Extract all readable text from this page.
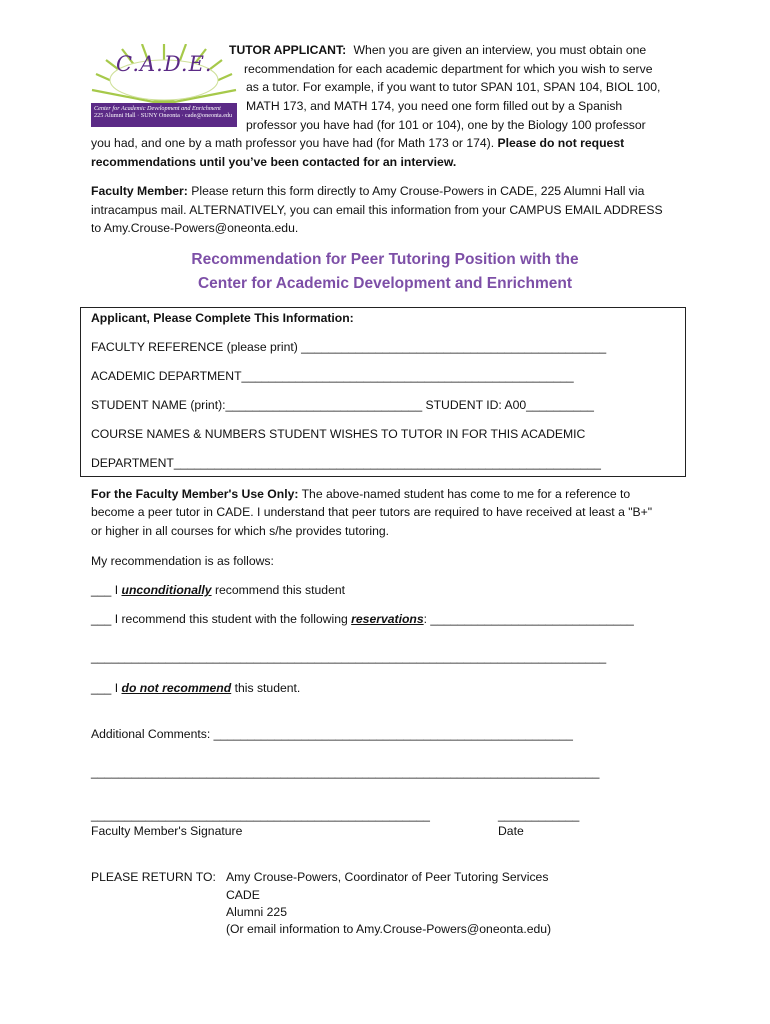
C.A.D.E.
Center for Academic Development and Enrichment
225 Alumni Hall · SUNY Oneonta · cade@oneonta.edu
TUTOR APPLICANT: When you are given an interview, you must obtain one
recommendation for each academic department for which you wish to serve
as a tutor. For example, if you want to tutor SPAN 101, SPAN 104, BIOL 100,
MATH 173, and MATH 174, you need one form filled out by a Spanish
professor you have had (for 101 or 104), one by the Biology 100 professor
you had, and one by a math professor you have had (for Math 173 or 174). Please do not request
recommendations until you’ve been contacted for an interview.
Faculty Member: Please return this form directly to Amy Crouse-Powers in CADE, 225 Alumni Hall via
intracampus mail. ALTERNATIVELY, you can email this information from your CAMPUS EMAIL ADDRESS
to Amy.Crouse-Powers@oneonta.edu.
Recommendation for Peer Tutoring Position with the
Center for Academic Development and Enrichment
Applicant, Please Complete This Information:
FACULTY REFERENCE (please print) _____________________________________________
ACADEMIC DEPARTMENT_________________________________________________
STUDENT NAME (print):_____________________________ STUDENT ID: A00__________
COURSE NAMES & NUMBERS STUDENT WISHES TO TUTOR IN FOR THIS ACADEMIC
DEPARTMENT_______________________________________________________________
For the Faculty Member's Use Only: The above-named student has come to me for a reference to
become a peer tutor in CADE. I understand that peer tutors are required to have received at least a "B+"
or higher in all courses for which s/he provides tutoring.
My recommendation is as follows:
___ I unconditionally recommend this student
___ I recommend this student with the following reservations: ______________________________
____________________________________________________________________________
___ I do not recommend this student.
Additional Comments: _____________________________________________________
___________________________________________________________________________
__________________________________________________
Faculty Member's Signature
____________
Date
PLEASE RETURN TO: Amy Crouse-Powers, Coordinator of Peer Tutoring Services
CADE
Alumni 225
(Or email information to Amy.Crouse-Powers@oneonta.edu)
